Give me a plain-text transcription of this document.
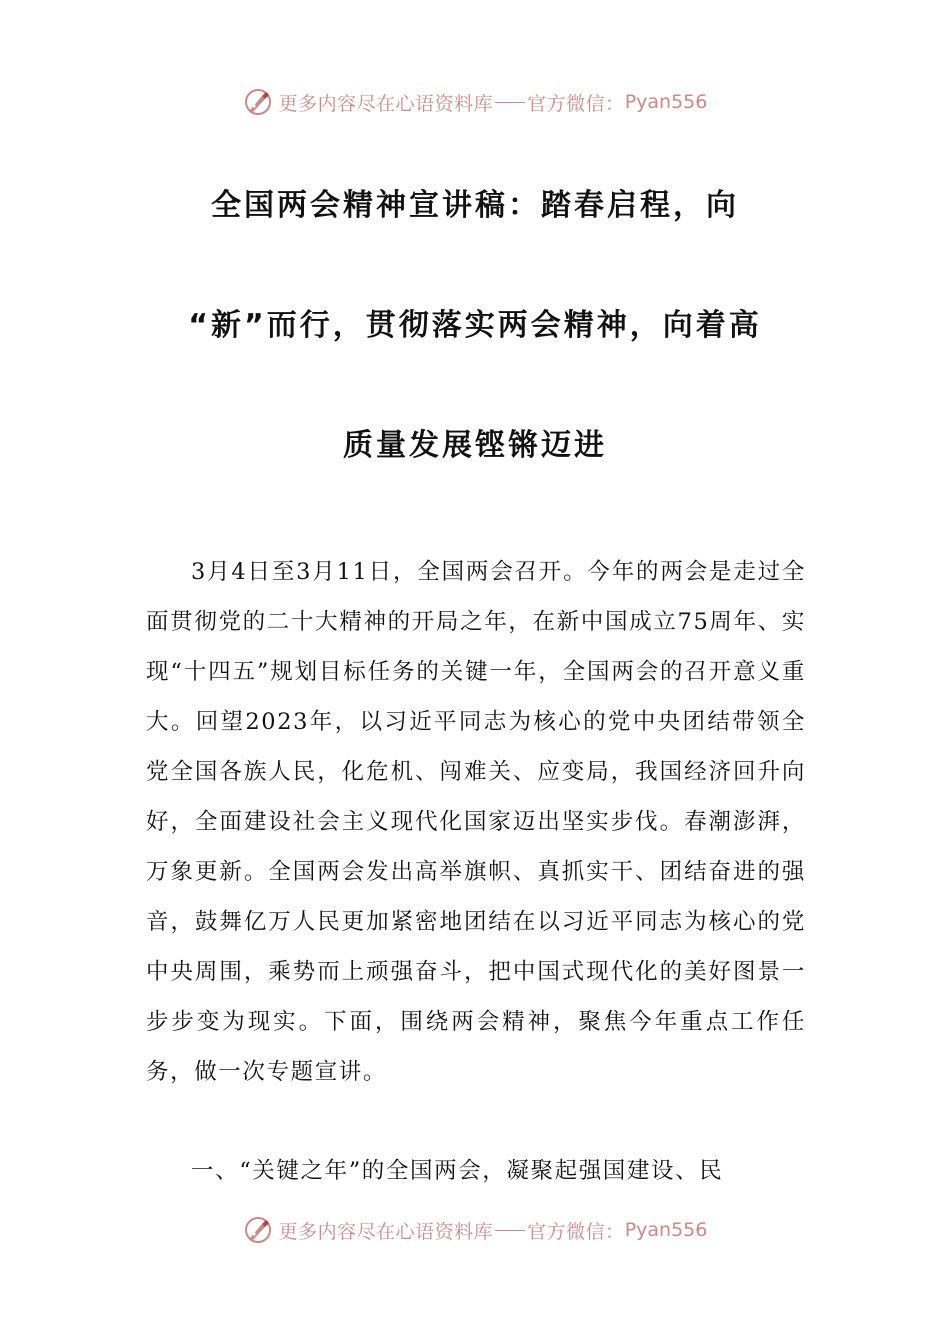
更多内容尽在心语资料库 官方微信： Pyan556
全国两会精神宣讲稿：踏春启程，向
“新”而行，贯彻落实两会精神，向着高
质量发展铿锵迈进

3月4日至3月11日，全国两会召开。今年的两会是走过全面贯彻党的二十大精神的开局之年，在新中国成立75周年、实现“十四五”规划目标任务的关键一年，全国两会的召开意义重大。回望2023年，以习近平同志为核心的党中央团结带领全党全国各族人民，化危机、闯难关、应变局，我国经济回升向好，全面建设社会主义现代化国家迈出坚实步伐。春潮澎湃，万象更新。全国两会发出高举旗帜、真抓实干、团结奋进的强音，鼓舞亿万人民更加紧密地团结在以习近平同志为核心的党中央周围，乘势而上顽强奋斗，把中国式现代化的美好图景一步步变为现实。下面，围绕两会精神，聚焦今年重点工作任务，做一次专题宣讲。

一、“关键之年”的全国两会，凝聚起强国建设、民
更多内容尽在心语资料库 官方微信： Pyan556
